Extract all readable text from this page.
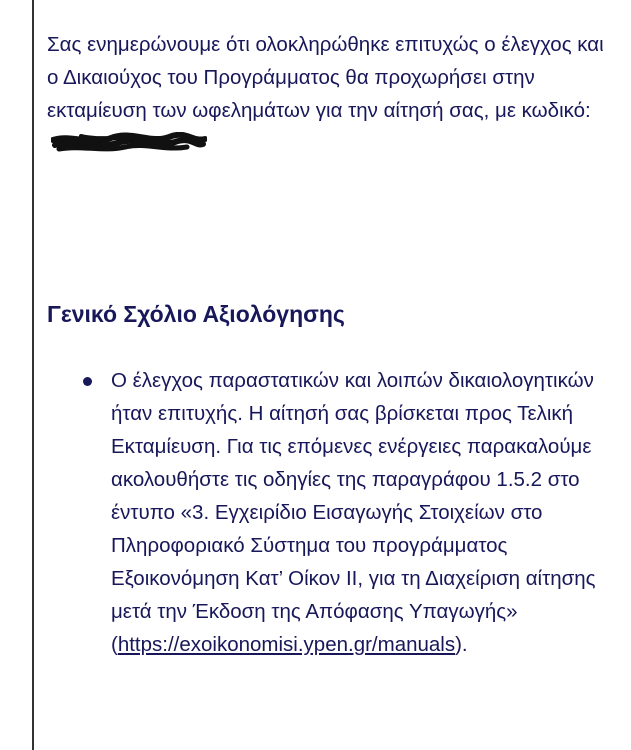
Σας ενημερώνουμε ότι ολοκληρώθηκε επιτυχώς ο έλεγχος και ο Δικαιούχος του Προγράμματος θα προχωρήσει στην εκταμίευση των ωφελημάτων για την αίτησή σας, με κωδικό:

Γενικό Σχόλιο Αξιολόγησης
Ο έλεγχος παραστατικών και λοιπών δικαιολογητικών ήταν επιτυχής. Η αίτησή σας βρίσκεται προς Τελική Εκταμίευση. Για τις επόμενες ενέργειες παρακαλούμε ακολουθήστε τις οδηγίες της παραγράφου 1.5.2 στο έντυπο «3. Εγχειρίδιο Εισαγωγής Στοιχείων στο Πληροφοριακό Σύστημα του προγράμματος Εξοικονόμηση Κατ’ Οίκον ΙΙ, για τη Διαχείριση αίτησης μετά την Έκδοση της Απόφασης Υπαγωγής» (https://exoikonomisi.ypen.gr/manuals).
